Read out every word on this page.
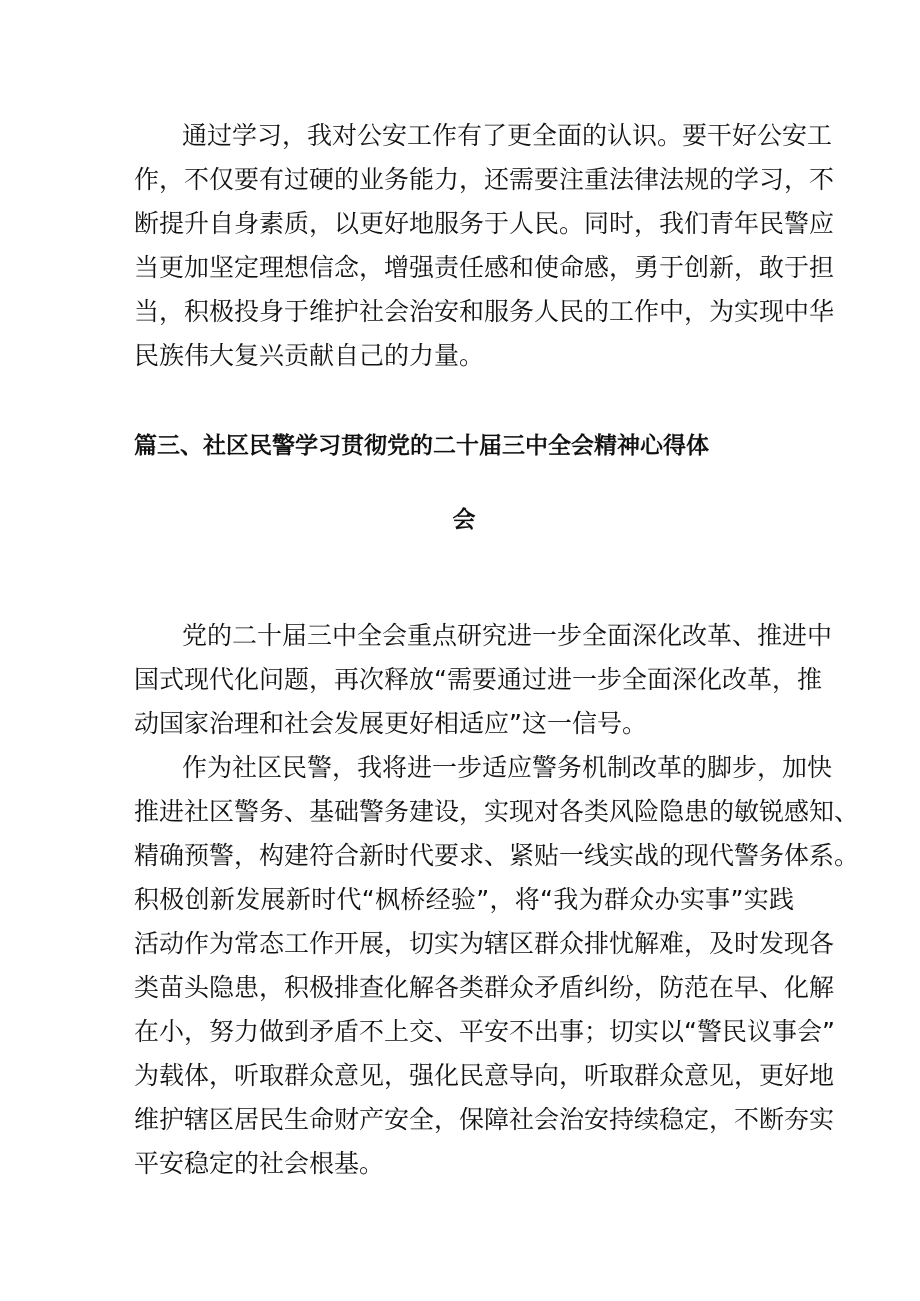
通过学习，我对公安工作有了更全面的认识。要干好公安工
作，不仅要有过硬的业务能力，还需要注重法律法规的学习，不
断提升自身素质，以更好地服务于人民。同时，我们青年民警应
当更加坚定理想信念，增强责任感和使命感，勇于创新，敢于担
当，积极投身于维护社会治安和服务人民的工作中，为实现中华
民族伟大复兴贡献自己的力量。
篇三、社区民警学习贯彻党的二十届三中全会精神心得体
会
党的二十届三中全会重点研究进一步全面深化改革、推进中
国式现代化问题，再次释放“需要通过进一步全面深化改革，推
动国家治理和社会发展更好相适应”这一信号。
作为社区民警，我将进一步适应警务机制改革的脚步，加快
推进社区警务、基础警务建设，实现对各类风险隐患的敏锐感知、
精确预警，构建符合新时代要求、紧贴一线实战的现代警务体系。
积极创新发展新时代“枫桥经验”，将“我为群众办实事”实践
活动作为常态工作开展，切实为辖区群众排忧解难，及时发现各
类苗头隐患，积极排查化解各类群众矛盾纠纷，防范在早、化解
在小，努力做到矛盾不上交、平安不出事；切实以“警民议事会”
为载体，听取群众意见，强化民意导向，听取群众意见，更好地
维护辖区居民生命财产安全，保障社会治安持续稳定，不断夯实
平安稳定的社会根基。
